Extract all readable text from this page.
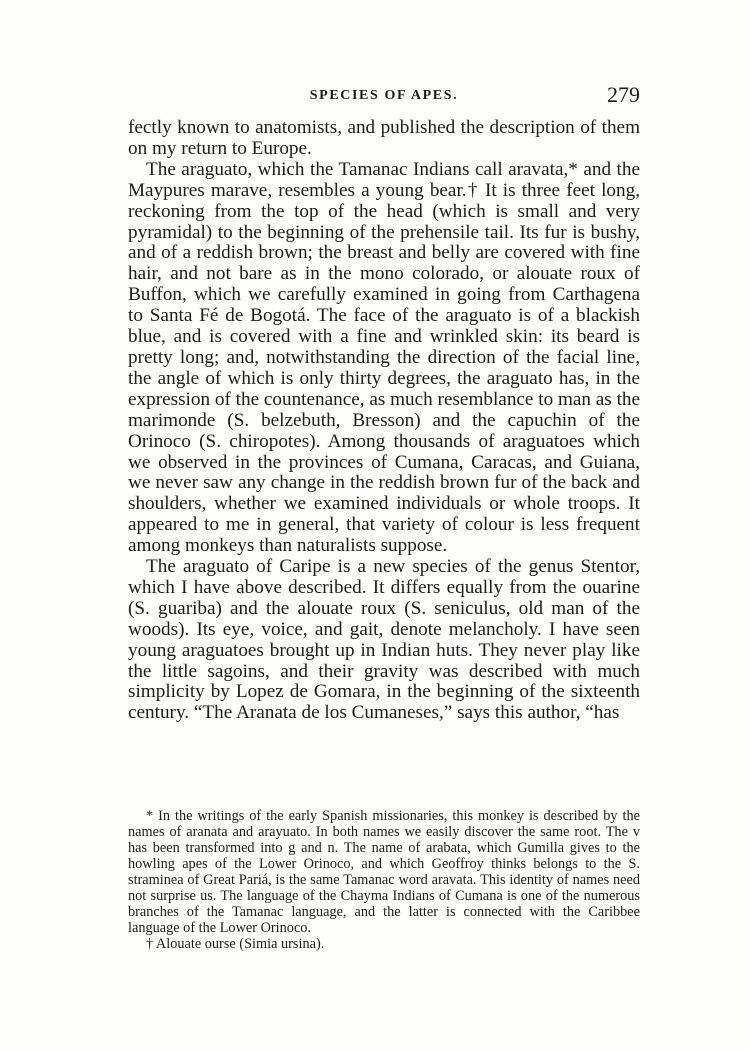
SPECIES OF APES.	279

fectly known to anatomists, and published the description of them on my return to Europe.

The araguato, which the Tamanac Indians call aravata,* and the Maypures marave, resembles a young bear.† It is three feet long, reckoning from the top of the head (which is small and very pyramidal) to the beginning of the prehensile tail. Its fur is bushy, and of a reddish brown; the breast and belly are covered with fine hair, and not bare as in the mono colorado, or alouate roux of Buffon, which we carefully examined in going from Carthagena to Santa Fé de Bogotá. The face of the araguato is of a blackish blue, and is covered with a fine and wrinkled skin: its beard is pretty long; and, notwithstanding the direction of the facial line, the angle of which is only thirty degrees, the araguato has, in the expression of the countenance, as much resemblance to man as the marimonde (S. belzebuth, Bresson) and the capuchin of the Orinoco (S. chiropotes). Among thousands of araguatoes which we observed in the provinces of Cumana, Caracas, and Guiana, we never saw any change in the reddish brown fur of the back and shoulders, whether we examined individuals or whole troops. It appeared to me in general, that variety of colour is less frequent among monkeys than naturalists suppose.

The araguato of Caripe is a new species of the genus Stentor, which I have above described. It differs equally from the ouarine (S. guariba) and the alouate roux (S. seniculus, old man of the woods). Its eye, voice, and gait, denote melancholy. I have seen young araguatoes brought up in Indian huts. They never play like the little sagoins, and their gravity was described with much simplicity by Lopez de Gomara, in the beginning of the sixteenth century. “The Aranata de los Cumaneses,” says this author, “has

* In the writings of the early Spanish missionaries, this monkey is described by the names of aranata and arayuato. In both names we easily discover the same root. The v has been transformed into g and n. The name of arabata, which Gumilla gives to the howling apes of the Lower Orinoco, and which Geoffroy thinks belongs to the S. straminea of Great Pariá, is the same Tamanac word aravata. This identity of names need not surprise us. The language of the Chayma Indians of Cumana is one of the numerous branches of the Tamanac language, and the latter is connected with the Caribbee language of the Lower Orinoco.

† Alouate ourse (Simia ursina).
